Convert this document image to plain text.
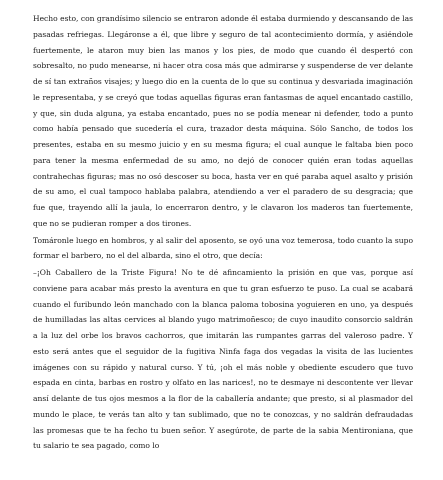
Hecho esto, con grandísimo silencio se entraron adonde él estaba durmiendo y descansando de las pasadas refriegas. Llegáronse a él, que libre y seguro de tal acontecimiento dormía, y asiéndole fuertemente, le ataron muy bien las manos y los pies, de modo que cuando él despertó con sobresalto, no pudo menearse, ni hacer otra cosa más que admirarse y suspenderse de ver delante de sí tan extraños visajes; y luego dio en la cuenta de lo que su continua y desvariada imaginación le representaba, y se creyó que todas aquellas figuras eran fantasmas de aquel encantado castillo, y que, sin duda alguna, ya estaba encantado, pues no se podía menear ni defender, todo a punto como había pensado que sucedería el cura, trazador desta máquina. Sólo Sancho, de todos los presentes, estaba en su mesmo juicio y en su mesma figura; el cual aunque le faltaba bien poco para tener la mesma enfermedad de su amo, no dejó de conocer quién eran todas aquellas contrahechas figuras; mas no osó descoser su boca, hasta ver en qué paraba aquel asalto y prisión de su amo, el cual tampoco hablaba palabra, atendiendo a ver el paradero de su desgracia; que fue que, trayendo allí la jaula, lo encerraron dentro, y le clavaron los maderos tan fuertemente, que no se pudieran romper a dos tirones.

Tomáronle luego en hombros, y al salir del aposento, se oyó una voz temerosa, todo cuanto la supo formar el barbero, no el del albarda, sino el otro, que decía:

–¡Oh Caballero de la Triste Figura! No te dé afincamiento la prisión en que vas, porque así conviene para acabar más presto la aventura en que tu gran esfuerzo te puso. La cual se acabará cuando el furibundo león manchado con la blanca paloma tobosina yoguieren en uno, ya después de humilladas las altas cervices al blando yugo matrimoñesco; de cuyo inaudito consorcio saldrán a la luz del orbe los bravos cachorros, que imitarán las rumpantes garras del valeroso padre. Y esto será antes que el seguidor de la fugitiva Ninfa faga dos vegadas la visita de las lucientes imágenes con su rápido y natural curso. Y tú, ¡oh el más noble y obediente escudero que tuvo espada en cinta, barbas en rostro y olfato en las narices!, no te desmaye ni descontente ver llevar ansí delante de tus ojos mesmos a la flor de la caballería andante; que presto, si al plasmador del mundo le place, te verás tan alto y tan sublimado, que no te conozcas, y no saldrán defraudadas las promesas que te ha fecho tu buen señor. Y asegúrote, de parte de la sabia Mentironiana, que tu salario te sea pagado, como lo
